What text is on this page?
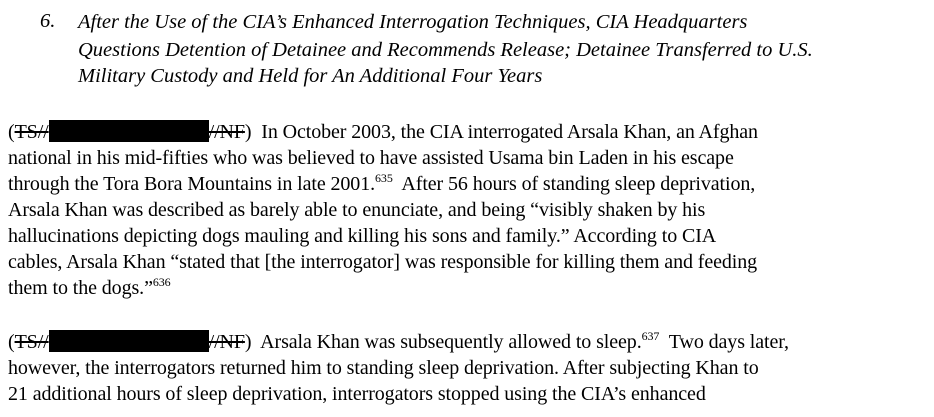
6. After the Use of the CIA’s Enhanced Interrogation Techniques, CIA Headquarters
Questions Detention of Detainee and Recommends Release; Detainee Transferred to U.S.
Military Custody and Held for An Additional Four Years
(TS//	//NF) In October 2003, the CIA interrogated Arsala Khan, an Afghan
national in his mid-fifties who was believed to have assisted Usama bin Laden in his escape
through the Tora Bora Mountains in late 2001.$^{635}$ After 56 hours of standing sleep deprivation,
Arsala Khan was described as barely able to enunciate, and being “visibly shaken by his
hallucinations depicting dogs mauling and killing his sons and family.” According to CIA
cables, Arsala Khan “stated that [the interrogator] was responsible for killing them and feeding
them to the dogs.”$^{636}$
(TS//	//NF) Arsala Khan was subsequently allowed to sleep.$^{637}$ Two days later,
however, the interrogators returned him to standing sleep deprivation. After subjecting Khan to
21 additional hours of sleep deprivation, interrogators stopped using the CIA’s enhanced
